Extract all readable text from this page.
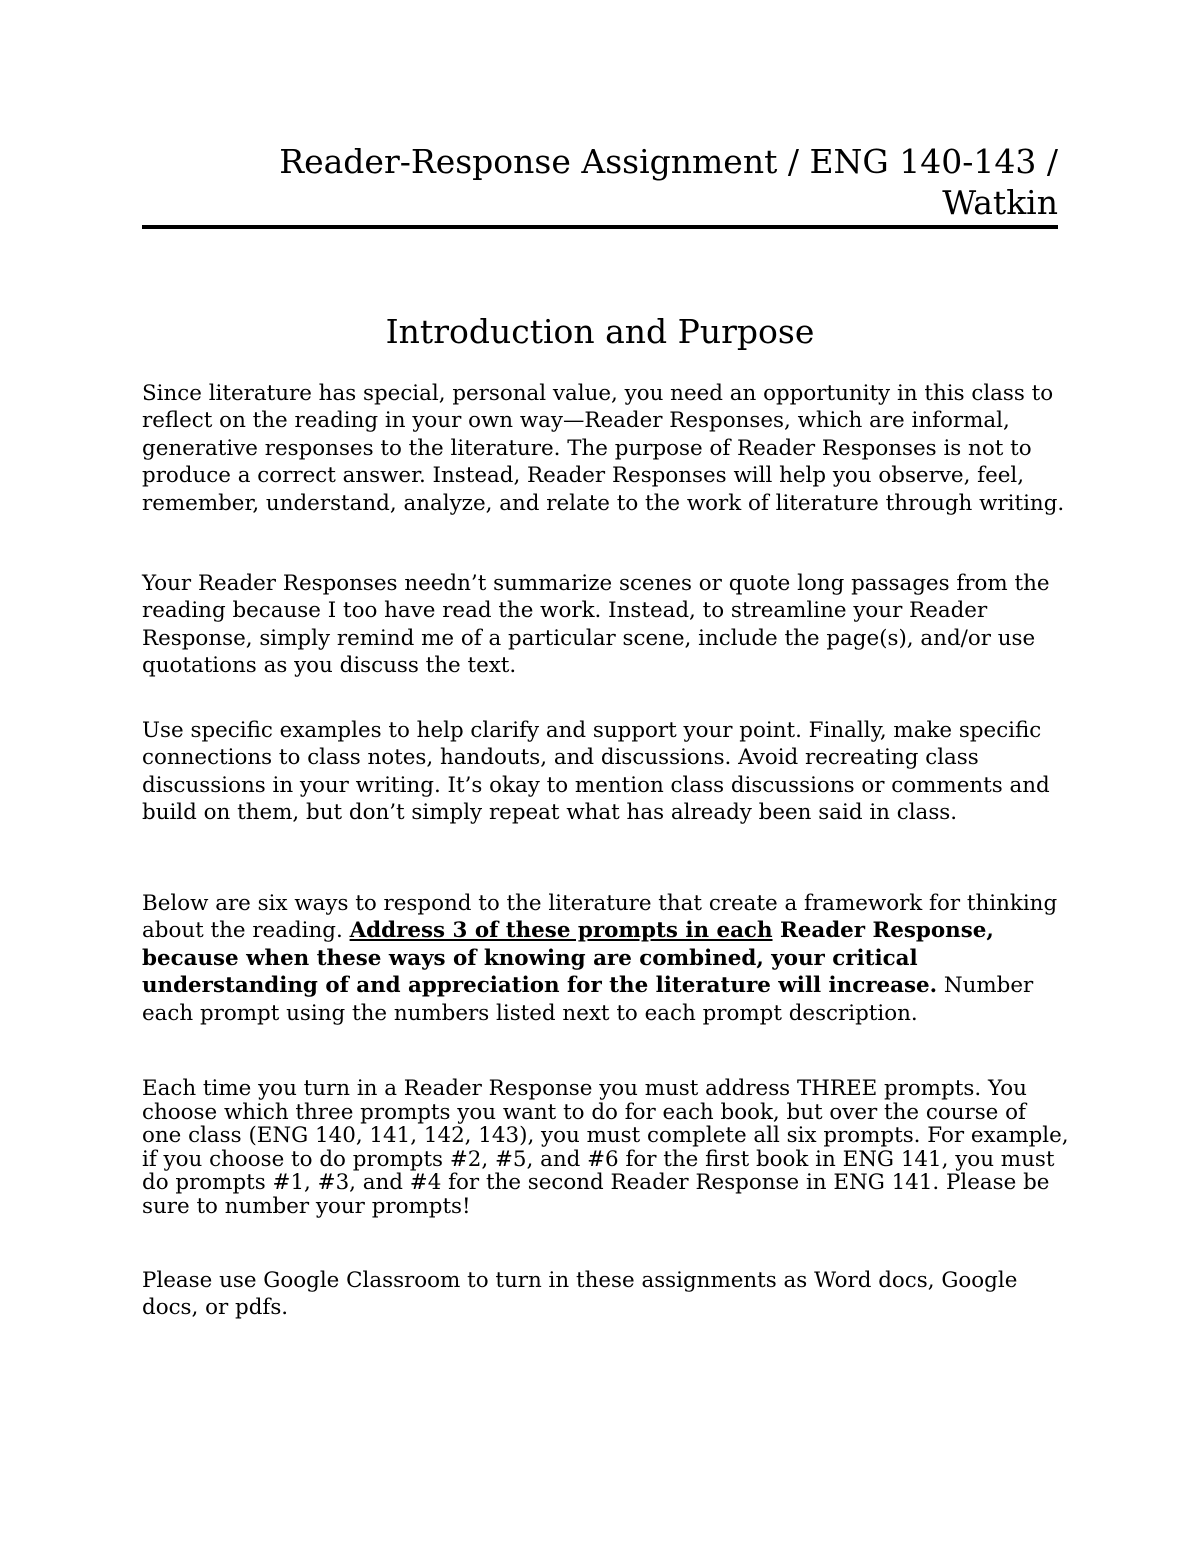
Reader-Response Assignment / ENG 140-143 /
Watkin
Introduction and Purpose

Since literature has special, personal value, you need an opportunity in this class to reflect on the reading in your own way—Reader Responses, which are informal, generative responses to the literature. The purpose of Reader Responses is not to produce a correct answer. Instead, Reader Responses will help you observe, feel, remember, understand, analyze, and relate to the work of literature through writing.

Your Reader Responses needn’t summarize scenes or quote long passages from the reading because I too have read the work. Instead, to streamline your Reader Response, simply remind me of a particular scene, include the page(s), and/or use quotations as you discuss the text.

Use specific examples to help clarify and support your point. Finally, make specific connections to class notes, handouts, and discussions. Avoid recreating class discussions in your writing. It’s okay to mention class discussions or comments and build on them, but don’t simply repeat what has already been said in class.

Below are six ways to respond to the literature that create a framework for thinking about the reading. Address 3 of these prompts in each Reader Response, because when these ways of knowing are combined, your critical understanding of and appreciation for the literature will increase. Number each prompt using the numbers listed next to each prompt description.

Each time you turn in a Reader Response you must address THREE prompts. You choose which three prompts you want to do for each book, but over the course of one class (ENG 140, 141, 142, 143), you must complete all six prompts. For example, if you choose to do prompts #2, #5, and #6 for the first book in ENG 141, you must do prompts #1, #3, and #4 for the second Reader Response in ENG 141. Please be sure to number your prompts!

Please use Google Classroom to turn in these assignments as Word docs, Google docs, or pdfs.
